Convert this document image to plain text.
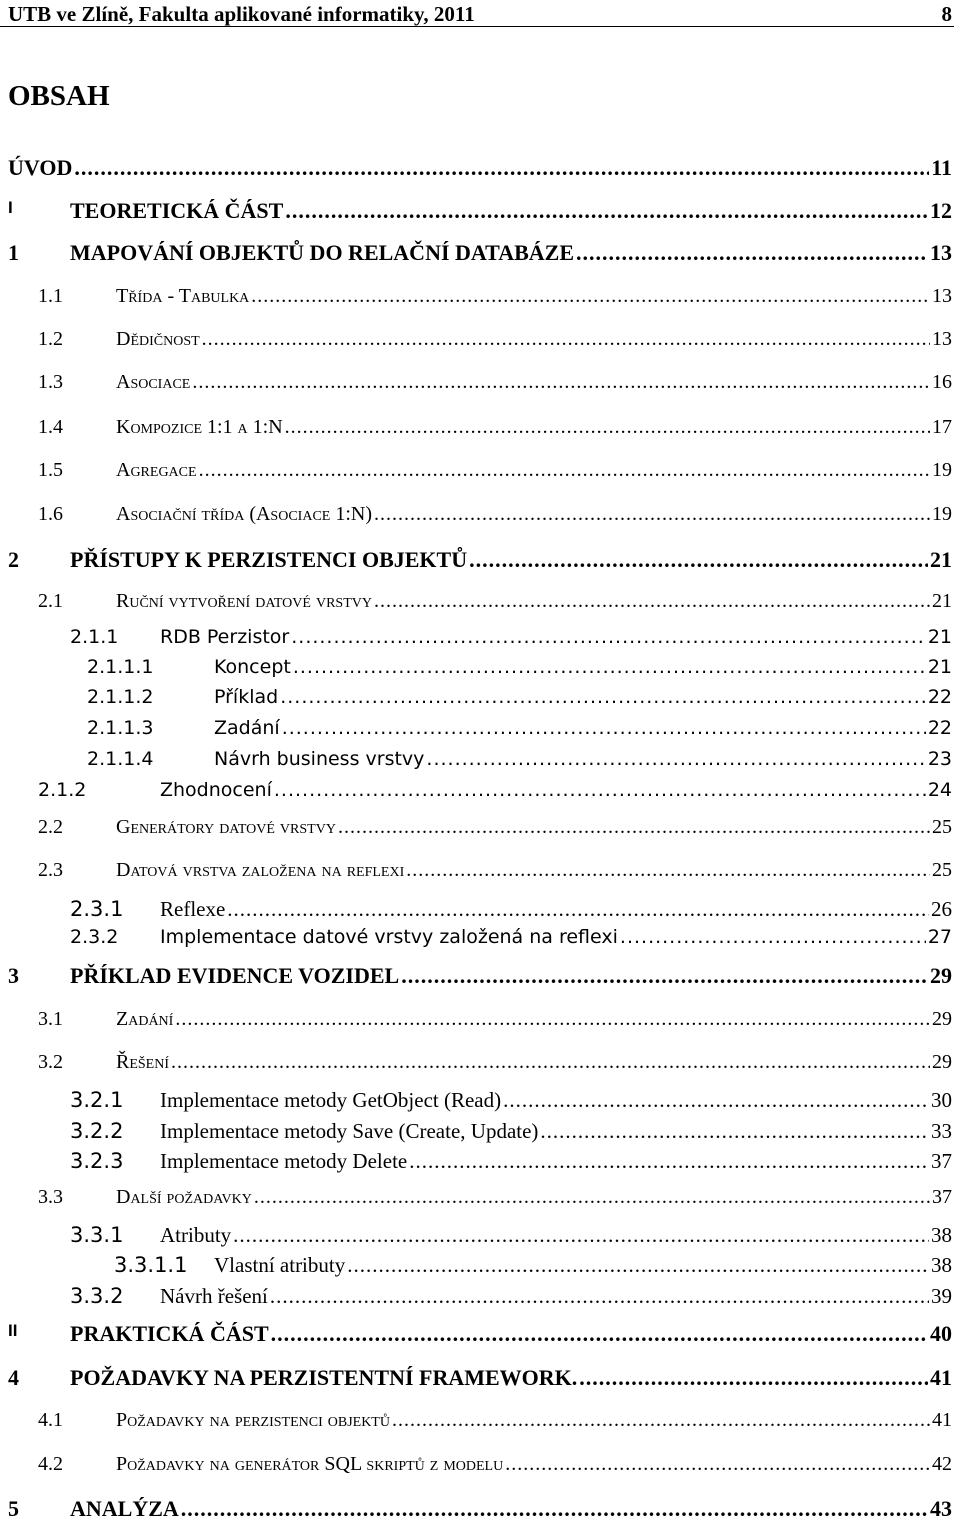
UTB ve Zlíně, Fakulta aplikované informatiky, 2011	8
OBSAH
ÚVOD .....	11
I	TEORETICKÁ ČÁST .....	12
1 MAPOVÁNÍ OBJEKTŮ DO RELAČNÍ DATABÁZE .....	13
1.1	Třída - Tabulka .....	13
1.2	Dědičnost .....	13
1.3	Asociace .....	16
1.4	Kompozice 1:1 a 1:N .....	17
1.5	Agregace .....	19
1.6	Asociační třída (Asociace 1:N) .....	19
2 PŘÍSTUPY K PERZISTENCI OBJEKTŮ .....	21
2.1	Ruční vytvoření datové vrstvy .....	21
2.1.1 RDB Perzistor .....	21
2.1.1.1	Koncept .....	21
2.1.1.2	Příklad .....	22
2.1.1.3	Zadání .....	22
2.1.1.4	Návrh business vrstvy .....	23
2.1.2	Zhodnocení .....	24
2.2	Generátory datové vrstvy .....	25
2.3	Datová vrstva založena na reflexi .....	25
2.3.1 Reflexe .....	26
2.3.2 Implementace datové vrstvy založená na reflexi .....	27
3 PŘÍKLAD EVIDENCE VOZIDEL .....	29
3.1	Zadání .....	29
3.2	Řešení .....	29
3.2.1 Implementace metody GetObject (Read) .....	30
3.2.2 Implementace metody Save (Create, Update) .....	33
3.2.3 Implementace metody Delete .....	37
3.3	Další požadavky .....	37
3.3.1 Atributy .....	38
3.3.1.1 Vlastní atributy .....	38
3.3.2 Návrh řešení .....	39
II PRAKTICKÁ ČÁST .....	40
4 POŽADAVKY NA PERZISTENTNÍ FRAMEWORK. .....	41
4.1	Požadavky na perzistenci objektů .....	41
4.2	Požadavky na generátor SQL skriptů z modelu .....	42
5 ANALÝZA .....	43
